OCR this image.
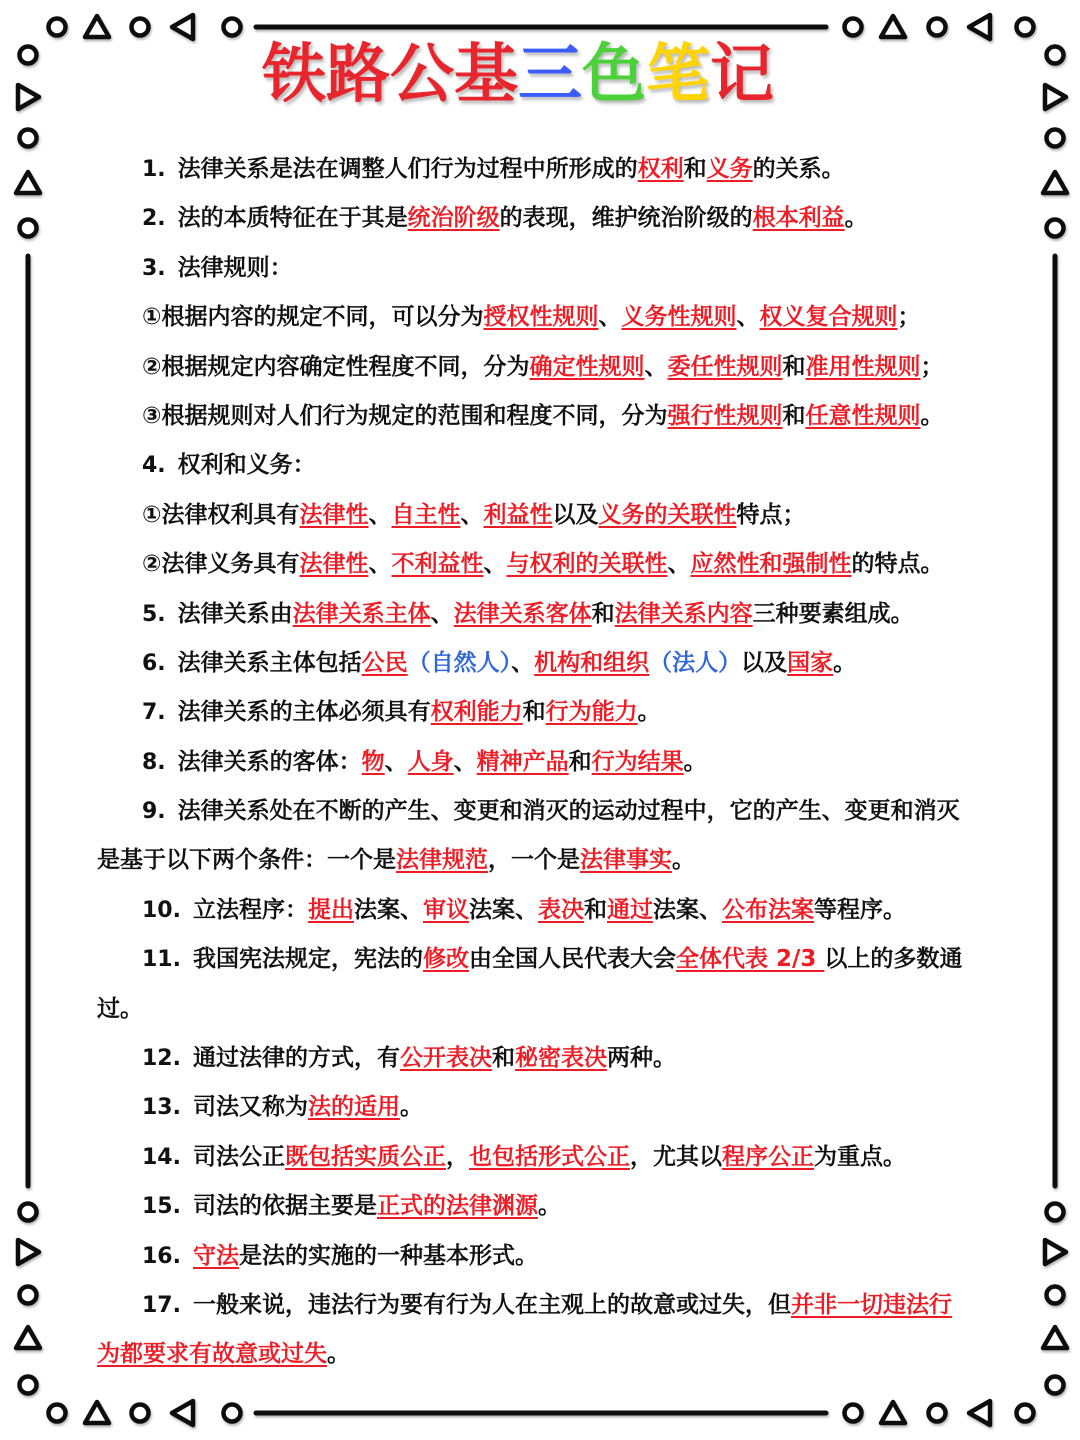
铁路公基三色笔记
1. 法律关系是法在调整人们行为过程中所形成的权利和义务的关系。
2. 法的本质特征在于其是统治阶级的表现，维护统治阶级的根本利益。
3. 法律规则：
①根据内容的规定不同，可以分为授权性规则、义务性规则、权义复合规则；
②根据规定内容确定性程度不同，分为确定性规则、委任性规则和准用性规则；
③根据规则对人们行为规定的范围和程度不同，分为强行性规则和任意性规则。
4. 权利和义务：
①法律权利具有法律性、自主性、利益性以及义务的关联性特点；
②法律义务具有法律性、不利益性、与权利的关联性、应然性和强制性的特点。
5. 法律关系由法律关系主体、法律关系客体和法律关系内容三种要素组成。
6. 法律关系主体包括公民（自然人）、机构和组织（法人）以及国家。
7. 法律关系的主体必须具有权利能力和行为能力。
8. 法律关系的客体：物、人身、精神产品和行为结果。
9. 法律关系处在不断的产生、变更和消灭的运动过程中，它的产生、变更和消灭
是基于以下两个条件：一个是法律规范，一个是法律事实。
10. 立法程序：提出法案、审议法案、表决和通过法案、公布法案等程序。
11. 我国宪法规定，宪法的修改由全国人民代表大会全体代表 2/3 以上的多数通
过。
12. 通过法律的方式，有公开表决和秘密表决两种。
13. 司法又称为法的适用。
14. 司法公正既包括实质公正，也包括形式公正，尤其以程序公正为重点。
15. 司法的依据主要是正式的法律渊源。
16. 守法是法的实施的一种基本形式。
17. 一般来说，违法行为要有行为人在主观上的故意或过失，但并非一切违法行
为都要求有故意或过失。
